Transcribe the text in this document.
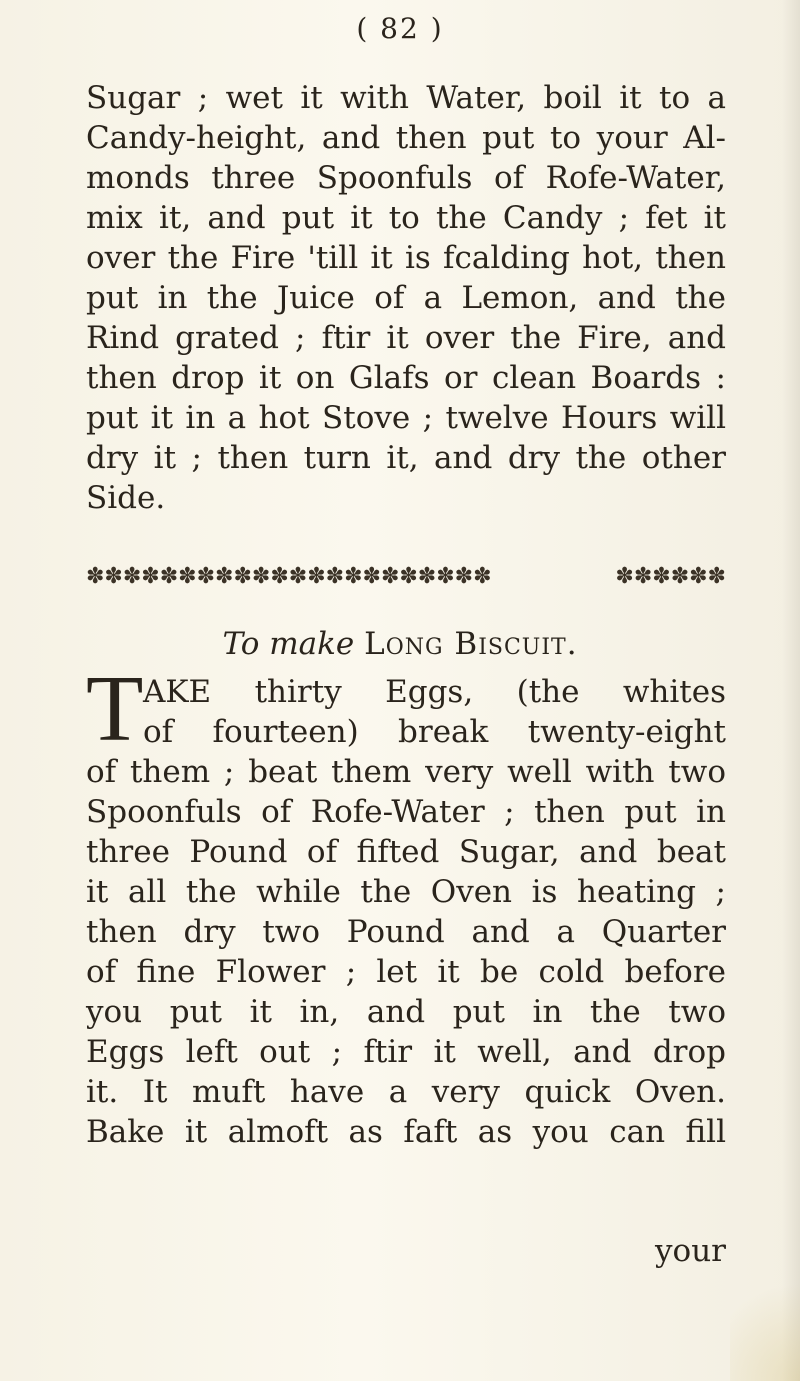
( 82 )
Sugar ; wet it with Water, boil it to a
Candy-height, and then put to your Al-
monds three Spoonfuls of Rofe-Water,
mix it, and put it to the Candy ; fet it
over the Fire 'till it is fcalding hot, then
put in the Juice of a Lemon, and the
Rind grated ; ftir it over the Fire, and
then drop it on Glafs or clean Boards :
put it in a hot Stove ; twelve Hours will
dry it ; then turn it, and dry the other
Side.
✽✽✽✽✽✽✽✽✽✽✽✽✽✽✽✽✽✽✽✽✽✽ ✽✽✽✽✽✽
To make Long Biscuit.
T AKE thirty Eggs, (the whites
of fourteen) break twenty-eight
of them ; beat them very well with two
Spoonfuls of Rofe-Water ; then put in
three Pound of fifted Sugar, and beat
it all the while the Oven is heating ;
then dry two Pound and a Quarter
of fine Flower ; let it be cold before
you put it in, and put in the two
Eggs left out ; ftir it well, and drop
it. It muft have a very quick Oven.
Bake it almoft as faft as you can fill
your
